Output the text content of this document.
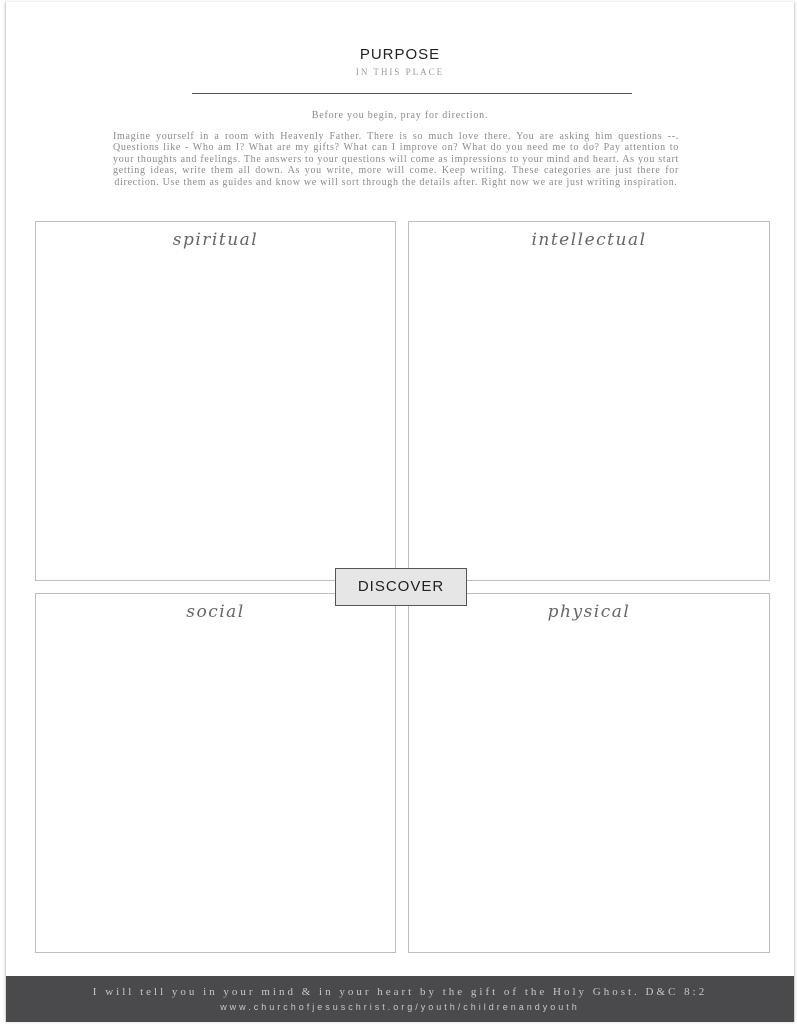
PURPOSE
IN THIS PLACE
Before you begin, pray for direction.
Imagine yourself in a room with Heavenly Father. There is so much love there. You are asking him questions --. Questions like - Who am I? What are my gifts? What can I improve on? What do you need me to do? Pay attention to your thoughts and feelings. The answers to your questions will come as impressions to your mind and heart. As you start getting ideas, write them all down. As you write, more will come. Keep writing. These categories are just there for direction. Use them as guides and know we will sort through the details after. Right now we are just writing inspiration.
spiritual	intellectual
social	physical
DISCOVER
I will tell you in your mind & in your heart by the gift of the Holy Ghost. D&C 8:2
www.churchofjesuschrist.org/youth/childrenandyouth
